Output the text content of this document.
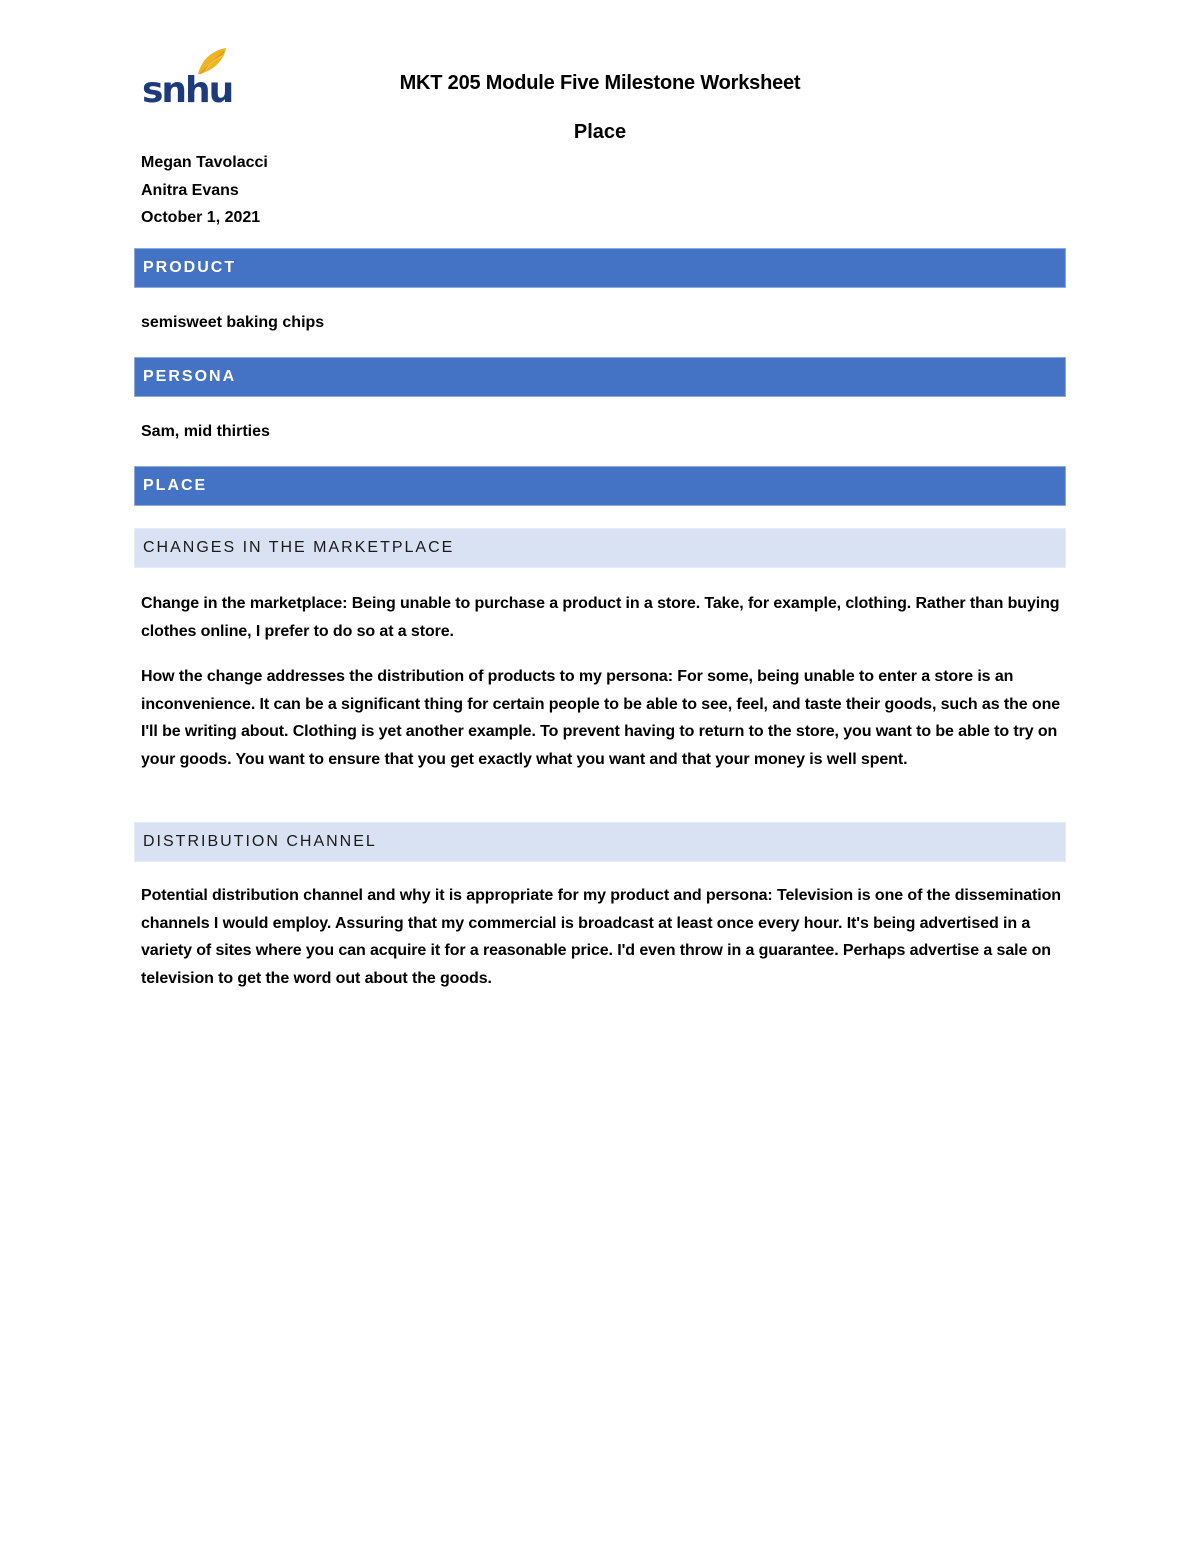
snhu	MKT 205 Module Five Milestone Worksheet
Place
Megan Tavolacci
Anitra Evans
October 1, 2021
PRODUCT
semisweet baking chips
PERSONA
Sam, mid thirties
PLACE
CHANGES IN THE MARKETPLACE
Change in the marketplace: Being unable to purchase a product in a store. Take, for example, clothing. Rather than buying clothes online, I prefer to do so at a store.
How the change addresses the distribution of products to my persona: For some, being unable to enter a store is an inconvenience. It can be a significant thing for certain people to be able to see, feel, and taste their goods, such as the one I'll be writing about. Clothing is yet another example. To prevent having to return to the store, you want to be able to try on your goods. You want to ensure that you get exactly what you want and that your money is well spent.
DISTRIBUTION CHANNEL
Potential distribution channel and why it is appropriate for my product and persona: Television is one of the dissemination channels I would employ. Assuring that my commercial is broadcast at least once every hour. It's being advertised in a variety of sites where you can acquire it for a reasonable price. I'd even throw in a guarantee. Perhaps advertise a sale on television to get the word out about the goods.
